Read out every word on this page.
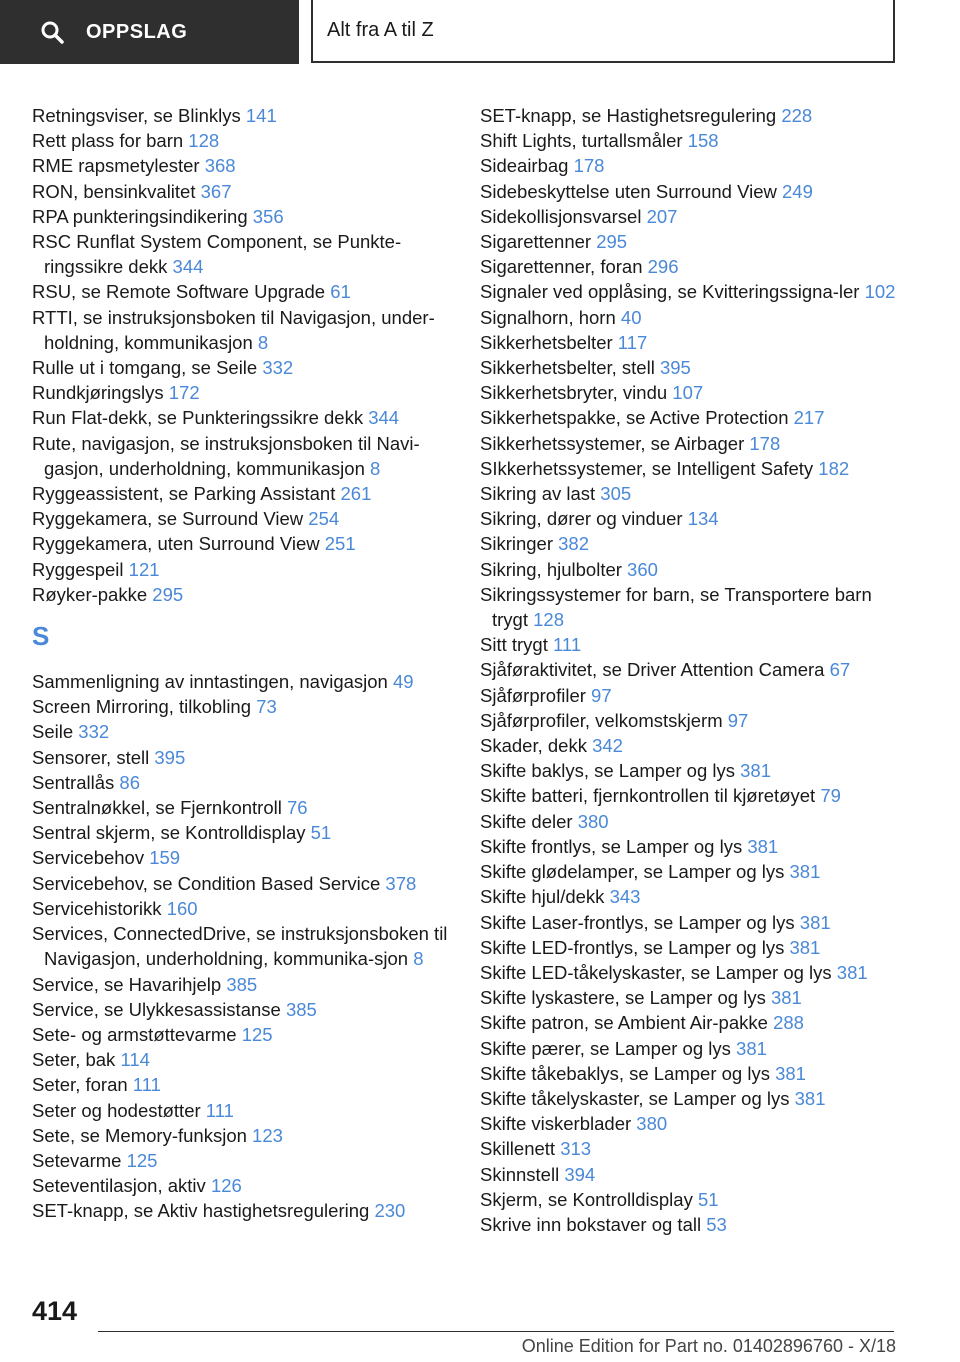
OPPSLAG	Alt fra A til Z
Retningsviser, se Blinklys 141
Rett plass for barn 128
RME rapsmetylester 368
RON, bensinkvalitet 367
RPA punkteringsindikering 356
RSC Runflat System Component, se Punkte-ringssikre dekk 344
RSU, se Remote Software Upgrade 61
RTTI, se instruksjonsboken til Navigasjon, under-holdning, kommunikasjon 8
Rulle ut i tomgang, se Seile 332
Rundkjøringslys 172
Run Flat-dekk, se Punkteringssikre dekk 344
Rute, navigasjon, se instruksjonsboken til Navi-gasjon, underholdning, kommunikasjon 8
Ryggeassistent, se Parking Assistant 261
Ryggekamera, se Surround View 254
Ryggekamera, uten Surround View 251
Ryggespeil 121
Røyker-pakke 295
S
Sammenligning av inntastingen, navigasjon 49
Screen Mirroring, tilkobling 73
Seile 332
Sensorer, stell 395
Sentrallås 86
Sentralnøkkel, se Fjernkontroll 76
Sentral skjerm, se Kontrolldisplay 51
Servicebehov 159
Servicebehov, se Condition Based Service 378
Servicehistorikk 160
Services, ConnectedDrive, se instruksjonsboken til Navigasjon, underholdning, kommunika-sjon 8
Service, se Havarihjelp 385
Service, se Ulykkesassistanse 385
Sete- og armstøttevarme 125
Seter, bak 114
Seter, foran 111
Seter og hodestøtter 111
Sete, se Memory-funksjon 123
Setevarme 125
Seteventilasjon, aktiv 126
SET-knapp, se Aktiv hastighetsregulering 230
SET-knapp, se Hastighetsregulering 228
Shift Lights, turtallsmåler 158
Sideairbag 178
Sidebeskyttelse uten Surround View 249
Sidekollisjonsvarsel 207
Sigarettenner 295
Sigarettenner, foran 296
Signaler ved opplåsing, se Kvitteringssigna-ler 102
Signalhorn, horn 40
Sikkerhetsbelter 117
Sikkerhetsbelter, stell 395
Sikkerhetsbryter, vindu 107
Sikkerhetspakke, se Active Protection 217
Sikkerhetssystemer, se Airbager 178
SIkkerhetssystemer, se Intelligent Safety 182
Sikring av last 305
Sikring, dører og vinduer 134
Sikringer 382
Sikring, hjulbolter 360
Sikringssystemer for barn, se Transportere barn trygt 128
Sitt trygt 111
Sjåføraktivitet, se Driver Attention Camera 67
Sjåførprofiler 97
Sjåførprofiler, velkomstskjerm 97
Skader, dekk 342
Skifte baklys, se Lamper og lys 381
Skifte batteri, fjernkontrollen til kjøretøyet 79
Skifte deler 380
Skifte frontlys, se Lamper og lys 381
Skifte glødelamper, se Lamper og lys 381
Skifte hjul/dekk 343
Skifte Laser-frontlys, se Lamper og lys 381
Skifte LED-frontlys, se Lamper og lys 381
Skifte LED-tåkelyskaster, se Lamper og lys 381
Skifte lyskastere, se Lamper og lys 381
Skifte patron, se Ambient Air-pakke 288
Skifte pærer, se Lamper og lys 381
Skifte tåkebaklys, se Lamper og lys 381
Skifte tåkelyskaster, se Lamper og lys 381
Skifte viskerblader 380
Skillenett 313
Skinnstell 394
Skjerm, se Kontrolldisplay 51
Skrive inn bokstaver og tall 53
414
Online Edition for Part no. 01402896760 - X/18
